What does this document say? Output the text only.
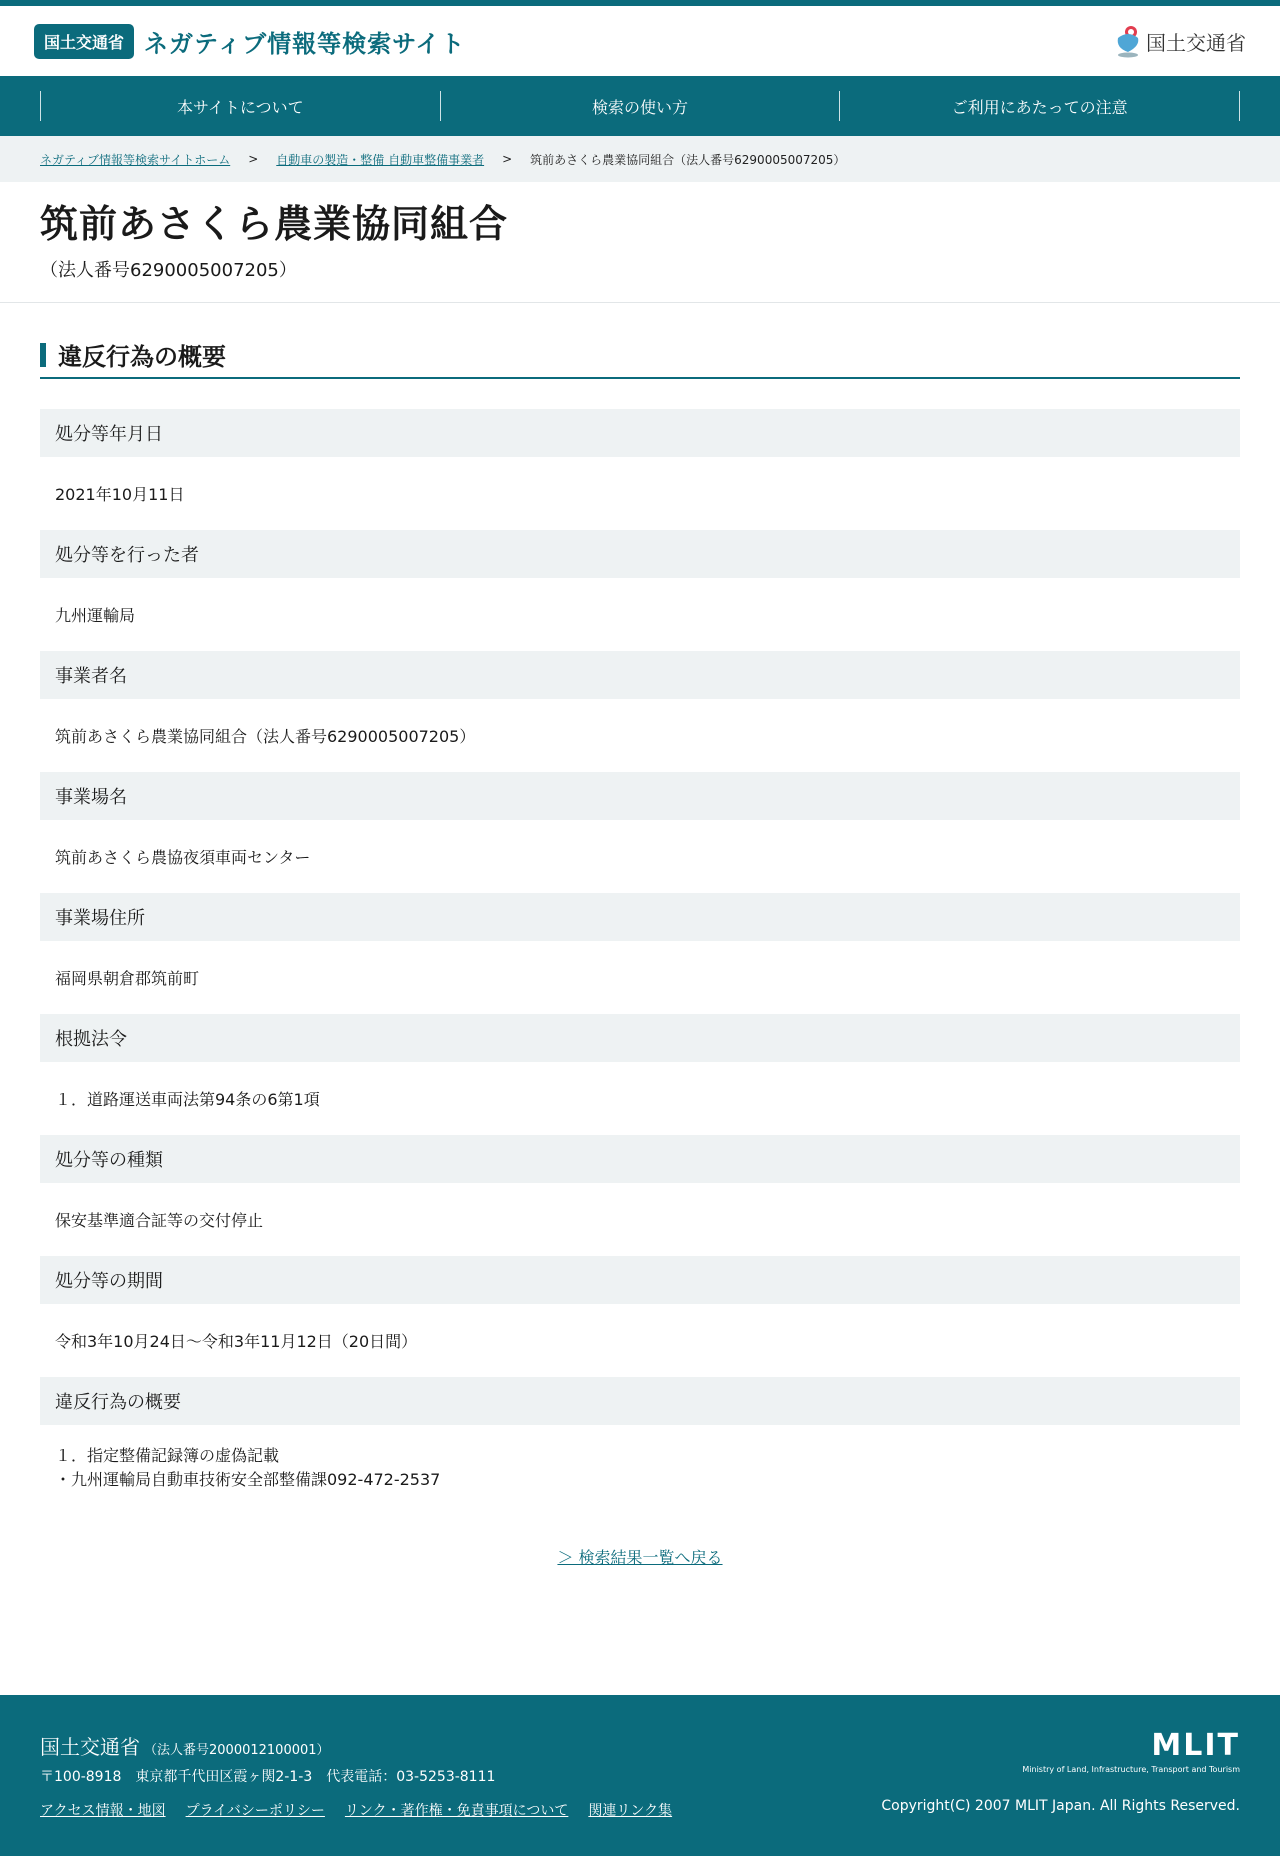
国土交通省 ネガティブ情報等検索サイト	国土交通省
本サイトについて	検索の使い方	ご利用にあたっての注意
ネガティブ情報等検索サイトホーム > 自動車の製造・整備 自動車整備事業者 > 筑前あさくら農業協同組合（法人番号6290005007205）
筑前あさくら農業協同組合
（法人番号6290005007205）
違反行為の概要
処分等年月日
2021年10月11日
処分等を行った者
九州運輸局
事業者名
筑前あさくら農業協同組合（法人番号6290005007205）
事業場名
筑前あさくら農協夜須車両センター
事業場住所
福岡県朝倉郡筑前町
根拠法令
１．道路運送車両法第94条の6第1項
処分等の種類
保安基準適合証等の交付停止
処分等の期間
令和3年10月24日～令和3年11月12日（20日間）
違反行為の概要
１．指定整備記録簿の虚偽記載
・九州運輸局自動車技術安全部整備課092-472-2537
＞ 検索結果一覧へ戻る
国土交通省 （法人番号2000012100001）
〒100-8918　東京都千代田区霞ヶ関2-1-3　代表電話：03-5253-8111
アクセス情報・地図 プライバシーポリシー リンク・著作権・免責事項について 関連リンク集
MLIT
Ministry of Land, Infrastructure, Transport and Tourism
Copyright(C) 2007 MLIT Japan. All Rights Reserved.
